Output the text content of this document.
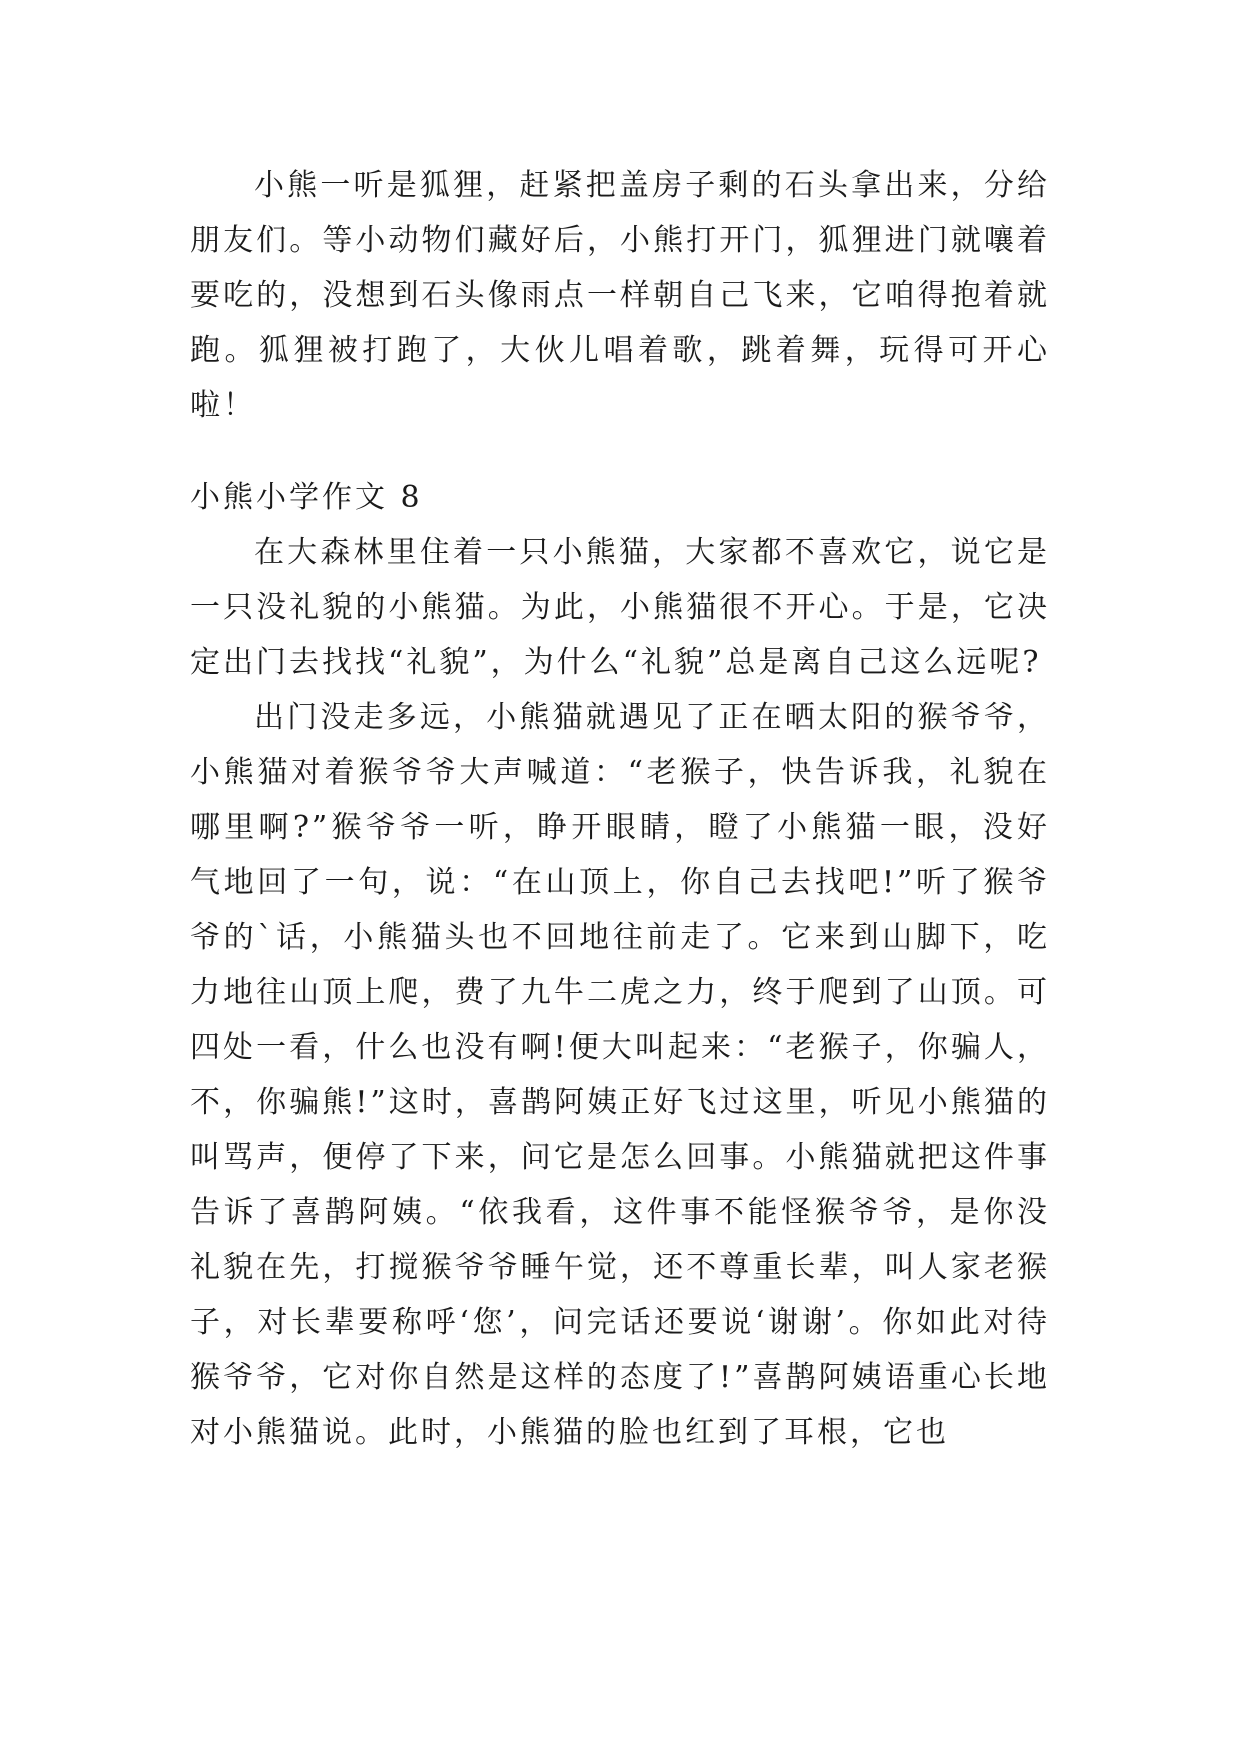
小熊一听是狐狸，赶紧把盖房子剩的石头拿出来，分给朋友们。等小动物们藏好后，小熊打开门，狐狸进门就嚷着要吃的，没想到石头像雨点一样朝自己飞来，它咱得抱着就跑。狐狸被打跑了，大伙儿唱着歌，跳着舞，玩得可开心啦！

小熊小学作文 8

在大森林里住着一只小熊猫，大家都不喜欢它，说它是一只没礼貌的小熊猫。为此，小熊猫很不开心。于是，它决定出门去找找“礼貌”，为什么“礼貌”总是离自己这么远呢?

出门没走多远，小熊猫就遇见了正在晒太阳的猴爷爷，小熊猫对着猴爷爷大声喊道：“老猴子，快告诉我，礼貌在哪里啊?”猴爷爷一听，睁开眼睛，瞪了小熊猫一眼，没好气地回了一句，说：“在山顶上，你自己去找吧!”听了猴爷爷的`话，小熊猫头也不回地往前走了。它来到山脚下，吃力地往山顶上爬，费了九牛二虎之力，终于爬到了山顶。可四处一看，什么也没有啊!便大叫起来：“老猴子，你骗人，不，你骗熊!”这时，喜鹊阿姨正好飞过这里，听见小熊猫的叫骂声，便停了下来，问它是怎么回事。小熊猫就把这件事告诉了喜鹊阿姨。“依我看，这件事不能怪猴爷爷，是你没礼貌在先，打搅猴爷爷睡午觉，还不尊重长辈，叫人家老猴子，对长辈要称呼‘您’，问完话还要说‘谢谢’。你如此对待猴爷爷，它对你自然是这样的态度了!”喜鹊阿姨语重心长地对小熊猫说。此时，小熊猫的脸也红到了耳根，它也
